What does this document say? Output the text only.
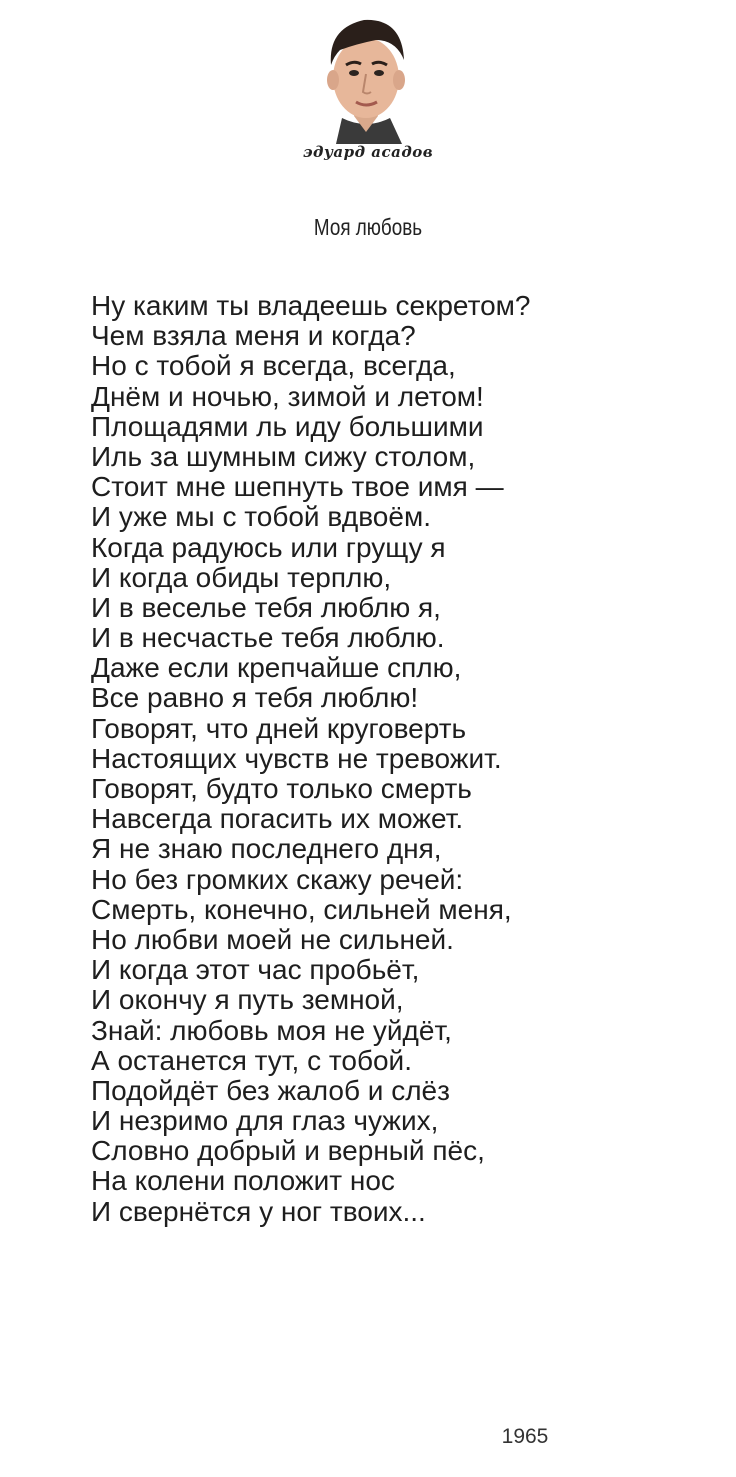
эдуард асадов
Моя любовь
Ну каким ты владеешь секретом?
Чем взяла меня и когда?
Но с тобой я всегда, всегда,
Днём и ночью, зимой и летом!
Площадями ль иду большими
Иль за шумным сижу столом,
Стоит мне шепнуть твое имя —
И уже мы с тобой вдвоём.
Когда радуюсь или грущу я
И когда обиды терплю,
И в веселье тебя люблю я,
И в несчастье тебя люблю.
Даже если крепчайше сплю,
Все равно я тебя люблю!
Говорят, что дней круговерть
Настоящих чувств не тревожит.
Говорят, будто только смерть
Навсегда погасить их может.
Я не знаю последнего дня,
Но без громких скажу речей:
Смерть, конечно, сильней меня,
Но любви моей не сильней.
И когда этот час пробьёт,
И окончу я путь земной,
Знай: любовь моя не уйдёт,
А останется тут, с тобой.
Подойдёт без жалоб и слёз
И незримо для глаз чужих,
Словно добрый и верный пёс,
На колени положит нос
И свернётся у ног твоих...
1965
